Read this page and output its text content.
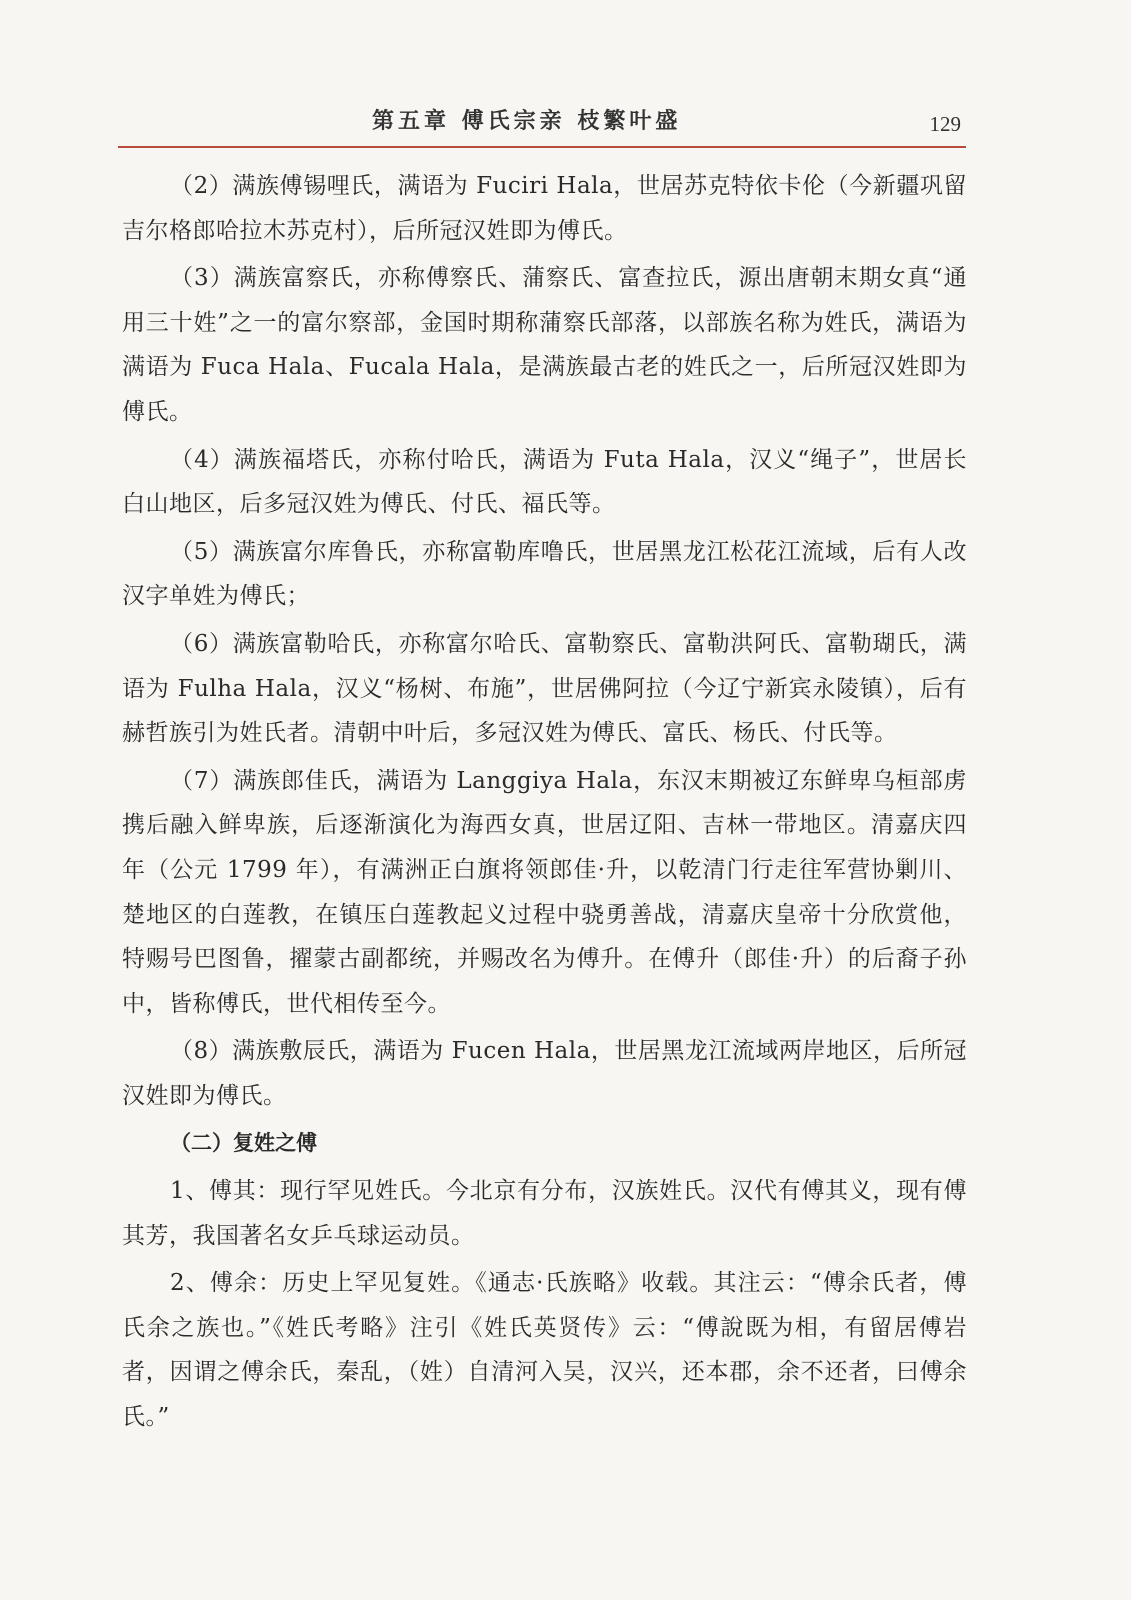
第五章 傅氏宗亲 枝繁叶盛	129

（2）满族傅锡哩氏，满语为 Fuciri Hala，世居苏克特依卡伦（今新疆巩留吉尔格郎哈拉木苏克村），后所冠汉姓即为傅氏。

（3）满族富察氏，亦称傅察氏、蒲察氏、富查拉氏，源出唐朝末期女真“通用三十姓”之一的富尔察部，金国时期称蒲察氏部落，以部族名称为姓氏，满语为满语为 Fuca Hala、Fucala Hala，是满族最古老的姓氏之一，后所冠汉姓即为傅氏。

（4）满族福塔氏，亦称付哈氏，满语为 Futa Hala，汉义“绳子”，世居长白山地区，后多冠汉姓为傅氏、付氏、福氏等。

（5）满族富尔库鲁氏，亦称富勒库噜氏，世居黑龙江松花江流域，后有人改汉字单姓为傅氏；

（6）满族富勒哈氏，亦称富尔哈氏、富勒察氏、富勒洪阿氏、富勒瑚氏，满语为 Fulha Hala，汉义“杨树、布施”，世居佛阿拉（今辽宁新宾永陵镇），后有赫哲族引为姓氏者。清朝中叶后，多冠汉姓为傅氏、富氏、杨氏、付氏等。

（7）满族郎佳氏，满语为 Langgiya Hala，东汉末期被辽东鲜卑乌桓部虏携后融入鲜卑族，后逐渐演化为海西女真，世居辽阳、吉林一带地区。清嘉庆四年（公元 1799 年），有满洲正白旗将领郎佳·升，以乾清门行走往军营协剿川、楚地区的白莲教，在镇压白莲教起义过程中骁勇善战，清嘉庆皇帝十分欣赏他，特赐号巴图鲁，擢蒙古副都统，并赐改名为傅升。在傅升（郎佳·升）的后裔子孙中，皆称傅氏，世代相传至今。

（8）满族敷辰氏，满语为 Fucen Hala，世居黑龙江流域两岸地区，后所冠汉姓即为傅氏。

（二）复姓之傅

1、傅其：现行罕见姓氏。今北京有分布，汉族姓氏。汉代有傅其义，现有傅其芳，我国著名女乒乓球运动员。

2、傅余：历史上罕见复姓。《通志·氏族略》收载。其注云：“傅余氏者，傅氏余之族也。”《姓氏考略》注引《姓氏英贤传》云：“傅說既为相，有留居傅岩者，因谓之傅余氏，秦乱，（姓）自清河入吴，汉兴，还本郡，余不还者，曰傅余氏。”
